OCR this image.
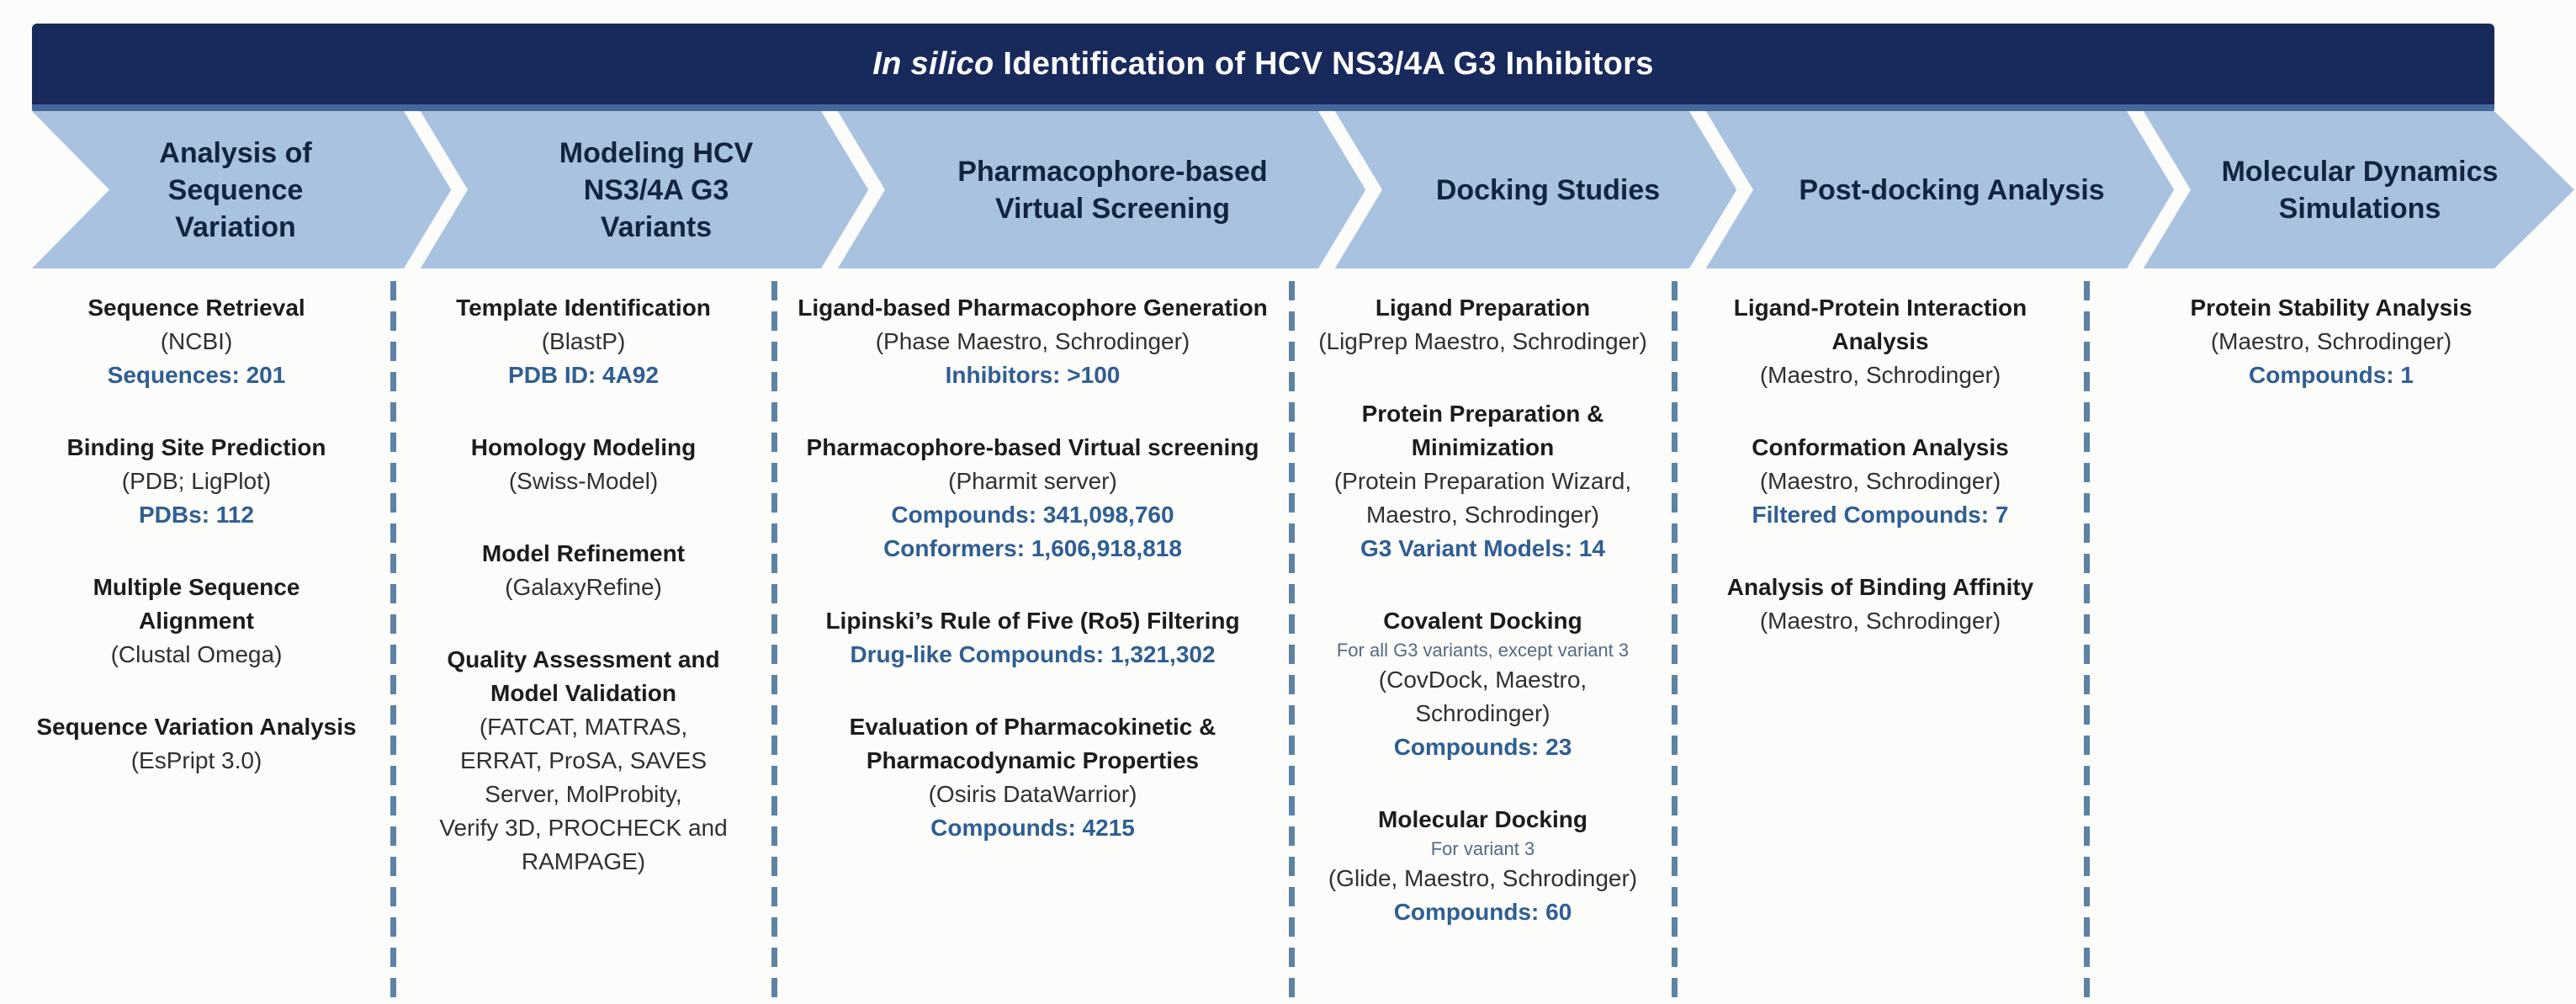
In silico Identification of HCV NS3/4A G3 Inhibitors
Analysis of
Sequence
Variation
Modeling HCV
NS3/4A G3
Variants
Pharmacophore-based
Virtual Screening
Docking Studies	Post-docking Analysis
Molecular Dynamics
Simulations
Sequence Retrieval
(NCBI)
Sequences: 201
Binding Site Prediction
(PDB; LigPlot)
PDBs: 112
Multiple Sequence
Alignment
(Clustal Omega)
Sequence Variation Analysis
(EsPript 3.0)
Template Identification
(BlastP)
PDB ID: 4A92
Homology Modeling
(Swiss-Model)
Model Refinement
(GalaxyRefine)
Quality Assessment and
Model Validation
(FATCAT, MATRAS,
ERRAT, ProSA, SAVES
Server, MolProbity,
Verify 3D, PROCHECK and
RAMPAGE)
Ligand-based Pharmacophore Generation
(Phase Maestro, Schrodinger)
Inhibitors: >100
Pharmacophore-based Virtual screening
(Pharmit server)
Compounds: 341,098,760
Conformers: 1,606,918,818
Lipinski’s Rule of Five (Ro5) Filtering
Drug-like Compounds: 1,321,302
Evaluation of Pharmacokinetic &
Pharmacodynamic Properties
(Osiris DataWarrior)
Compounds: 4215
Ligand Preparation
(LigPrep Maestro, Schrodinger)
Protein Preparation &
Minimization
(Protein Preparation Wizard,
Maestro, Schrodinger)
G3 Variant Models: 14
Covalent Docking
For all G3 variants, except variant 3
(CovDock, Maestro,
Schrodinger)
Compounds: 23
Molecular Docking
For variant 3
(Glide, Maestro, Schrodinger)
Compounds: 60
Ligand-Protein Interaction
Analysis
(Maestro, Schrodinger)
Conformation Analysis
(Maestro, Schrodinger)
Filtered Compounds: 7
Analysis of Binding Affinity
(Maestro, Schrodinger)
Protein Stability Analysis
(Maestro, Schrodinger)
Compounds: 1
